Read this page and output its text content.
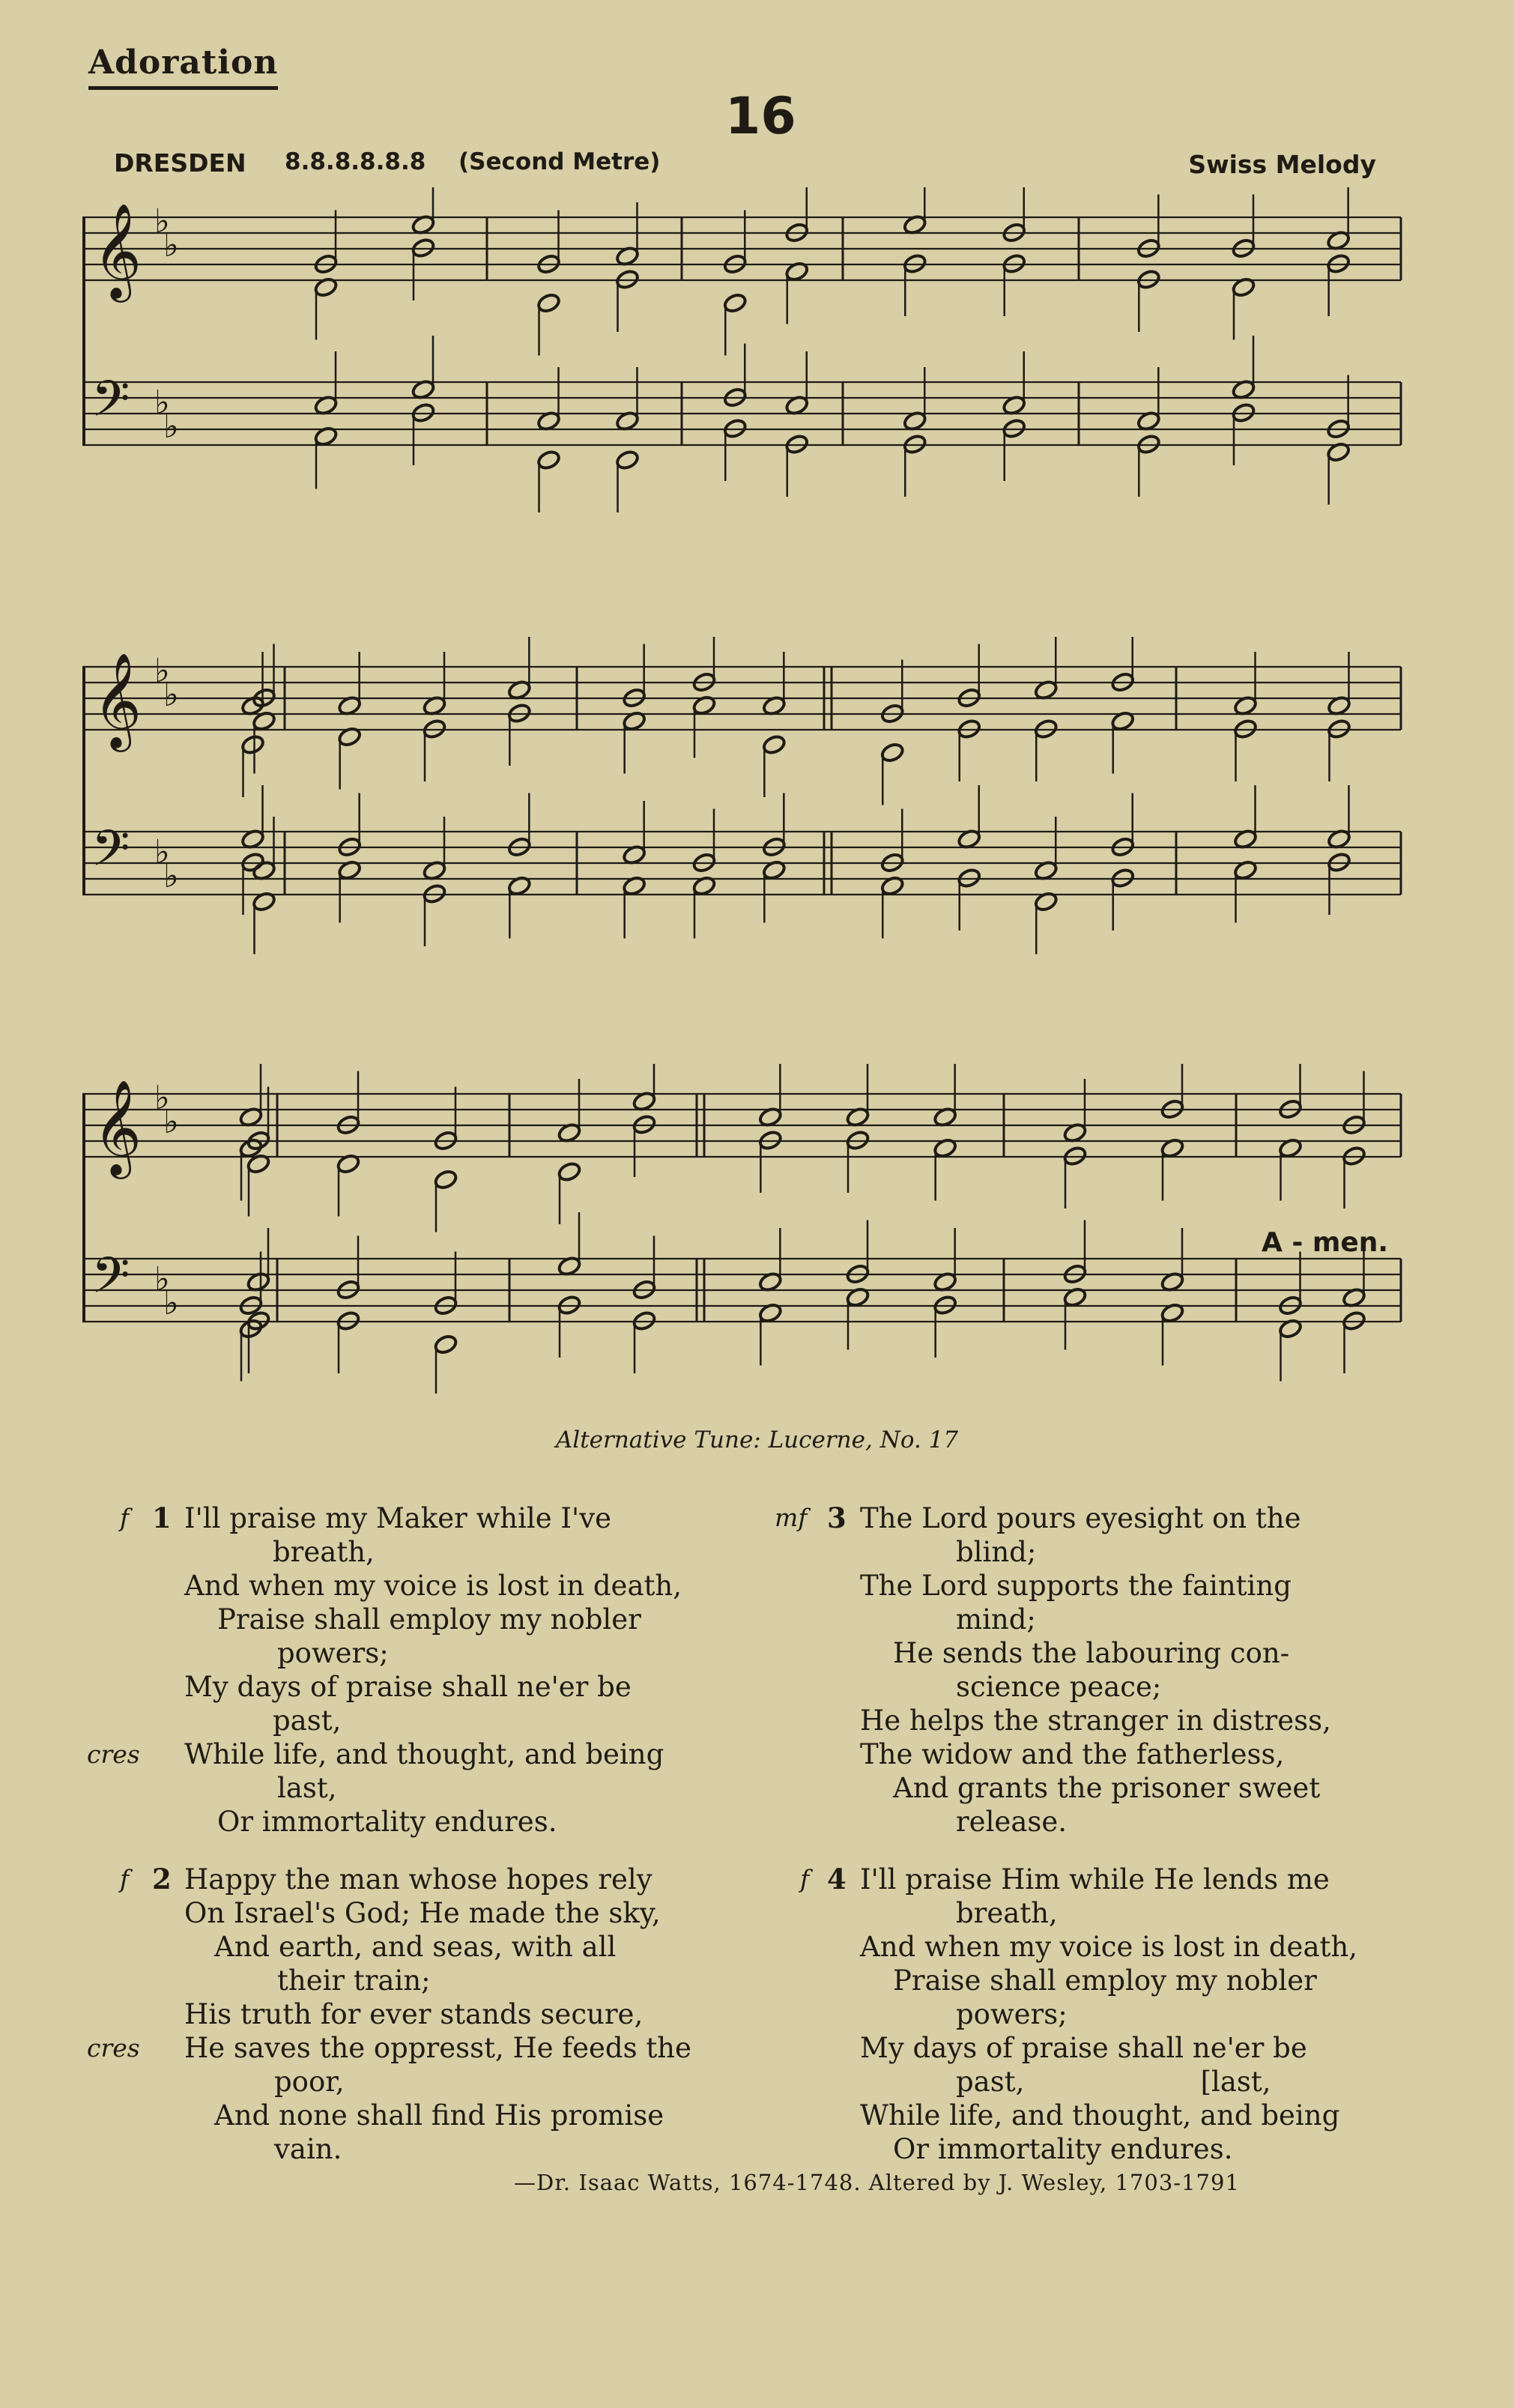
Adoration
16
DRESDEN 8.8.8.8.8.8 (Second Metre)	Swiss Melody
𝄞
𝄢
♭
♭
♭
♭
𝄞
𝄢
♭
♭
♭
♭
𝄞
𝄢
♭
♭
♭
♭
A - men.
Alternative Tune: Lucerne, No. 17
f 1
cres
I'll praise my Maker while I've
breath,
And when my voice is lost in death,
Praise shall employ my nobler
powers;
My days of praise shall ne'er be
past,
While life, and thought, and being
last,
Or immortality endures.
f 2
cres
Happy the man whose hopes rely
On Israel's God; He made the sky,
And earth, and seas, with all
their train;
His truth for ever stands secure,
He saves the oppresst, He feeds the
poor,
And none shall find His promise
vain.
mf 3 The Lord pours eyesight on the
blind;
The Lord supports the fainting
mind;
He sends the labouring con-
science peace;
He helps the stranger in distress,
The widow and the fatherless,
And grants the prisoner sweet
release.
f 4 I'll praise Him while He lends me
breath,
And when my voice is lost in death,
Praise shall employ my nobler
powers;
My days of praise shall ne'er be
past,                    [last,
While life, and thought, and being
Or immortality endures.
—Dr. Isaac Watts, 1674-1748. Altered by J. Wesley, 1703-1791
